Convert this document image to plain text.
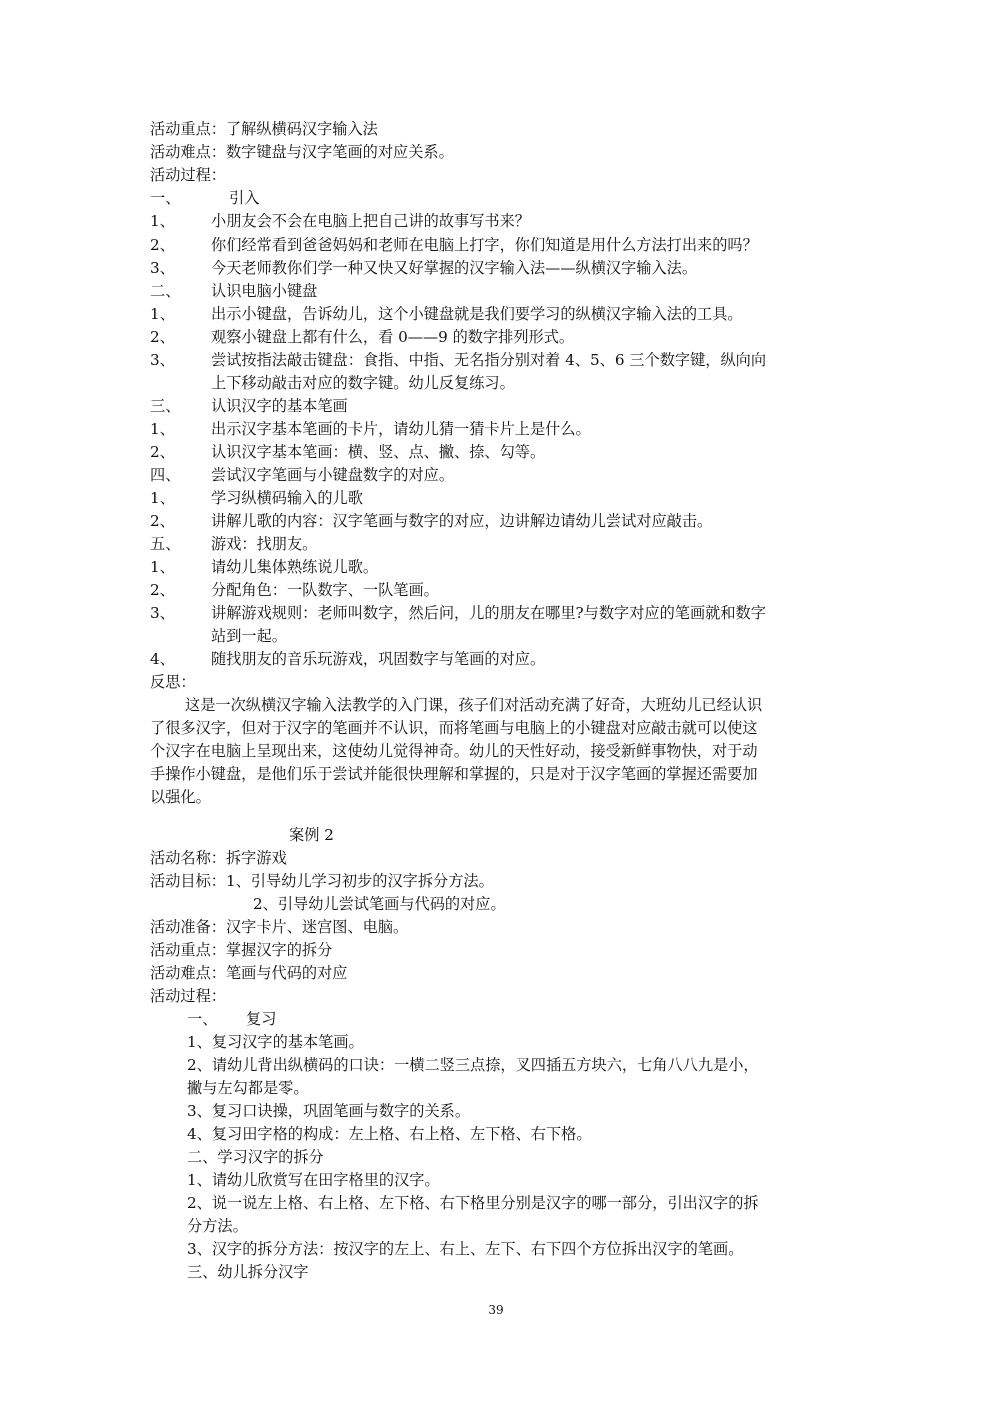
活动重点：了解纵横码汉字输入法
活动难点：数字键盘与汉字笔画的对应关系。
活动过程：
一、	引入
1、 小朋友会不会在电脑上把自己讲的故事写书来？
2、 你们经常看到爸爸妈妈和老师在电脑上打字，你们知道是用什么方法打出来的吗？
3、 今天老师教你们学一种又快又好掌握的汉字输入法——纵横汉字输入法。
二、 认识电脑小键盘
1、 出示小键盘，告诉幼儿，这个小键盘就是我们要学习的纵横汉字输入法的工具。
2、 观察小键盘上都有什么，看 0——9 的数字排列形式。
3、 尝试按指法敲击键盘：食指、中指、无名指分别对着 4、5、6 三个数字键，纵向向
上下移动敲击对应的数字键。幼儿反复练习。
三、 认识汉字的基本笔画
1、 出示汉字基本笔画的卡片，请幼儿猜一猜卡片上是什么。
2、 认识汉字基本笔画：横、竖、点、撇、捺、勾等。
四、 尝试汉字笔画与小键盘数字的对应。
1、 学习纵横码输入的儿歌
2、 讲解儿歌的内容：汉字笔画与数字的对应，边讲解边请幼儿尝试对应敲击。
五、 游戏：找朋友。
1、 请幼儿集体熟练说儿歌。
2、 分配角色：一队数字、一队笔画。
3、 讲解游戏规则：老师叫数字，然后问，儿的朋友在哪里?与数字对应的笔画就和数字
站到一起。
4、 随找朋友的音乐玩游戏，巩固数字与笔画的对应。
反思：
这是一次纵横汉字输入法教学的入门课，孩子们对活动充满了好奇，大班幼儿已经认识
了很多汉字，但对于汉字的笔画并不认识，而将笔画与电脑上的小键盘对应敲击就可以使这
个汉字在电脑上呈现出来，这使幼儿觉得神奇。幼儿的天性好动，接受新鲜事物快，对于动
手操作小键盘，是他们乐于尝试并能很快理解和掌握的，只是对于汉字笔画的掌握还需要加
以强化。
案例 2
活动名称：拆字游戏
活动目标：1、引导幼儿学习初步的汉字拆分方法。
2、引导幼儿尝试笔画与代码的对应。
活动准备：汉字卡片、迷宫图、电脑。
活动重点：掌握汉字的拆分
活动难点：笔画与代码的对应
活动过程：
一、 复习
1、复习汉字的基本笔画。
2、请幼儿背出纵横码的口诀：一横二竖三点捺，叉四插五方块六，七角八八九是小，
撇与左勾都是零。
3、复习口诀操，巩固笔画与数字的关系。
4、复习田字格的构成：左上格、右上格、左下格、右下格。
二、学习汉字的拆分
1、请幼儿欣赏写在田字格里的汉字。
2、说一说左上格、右上格、左下格、右下格里分别是汉字的哪一部分，引出汉字的拆
分方法。
3、汉字的拆分方法：按汉字的左上、右上、左下、右下四个方位拆出汉字的笔画。
三、幼儿拆分汉字
39
